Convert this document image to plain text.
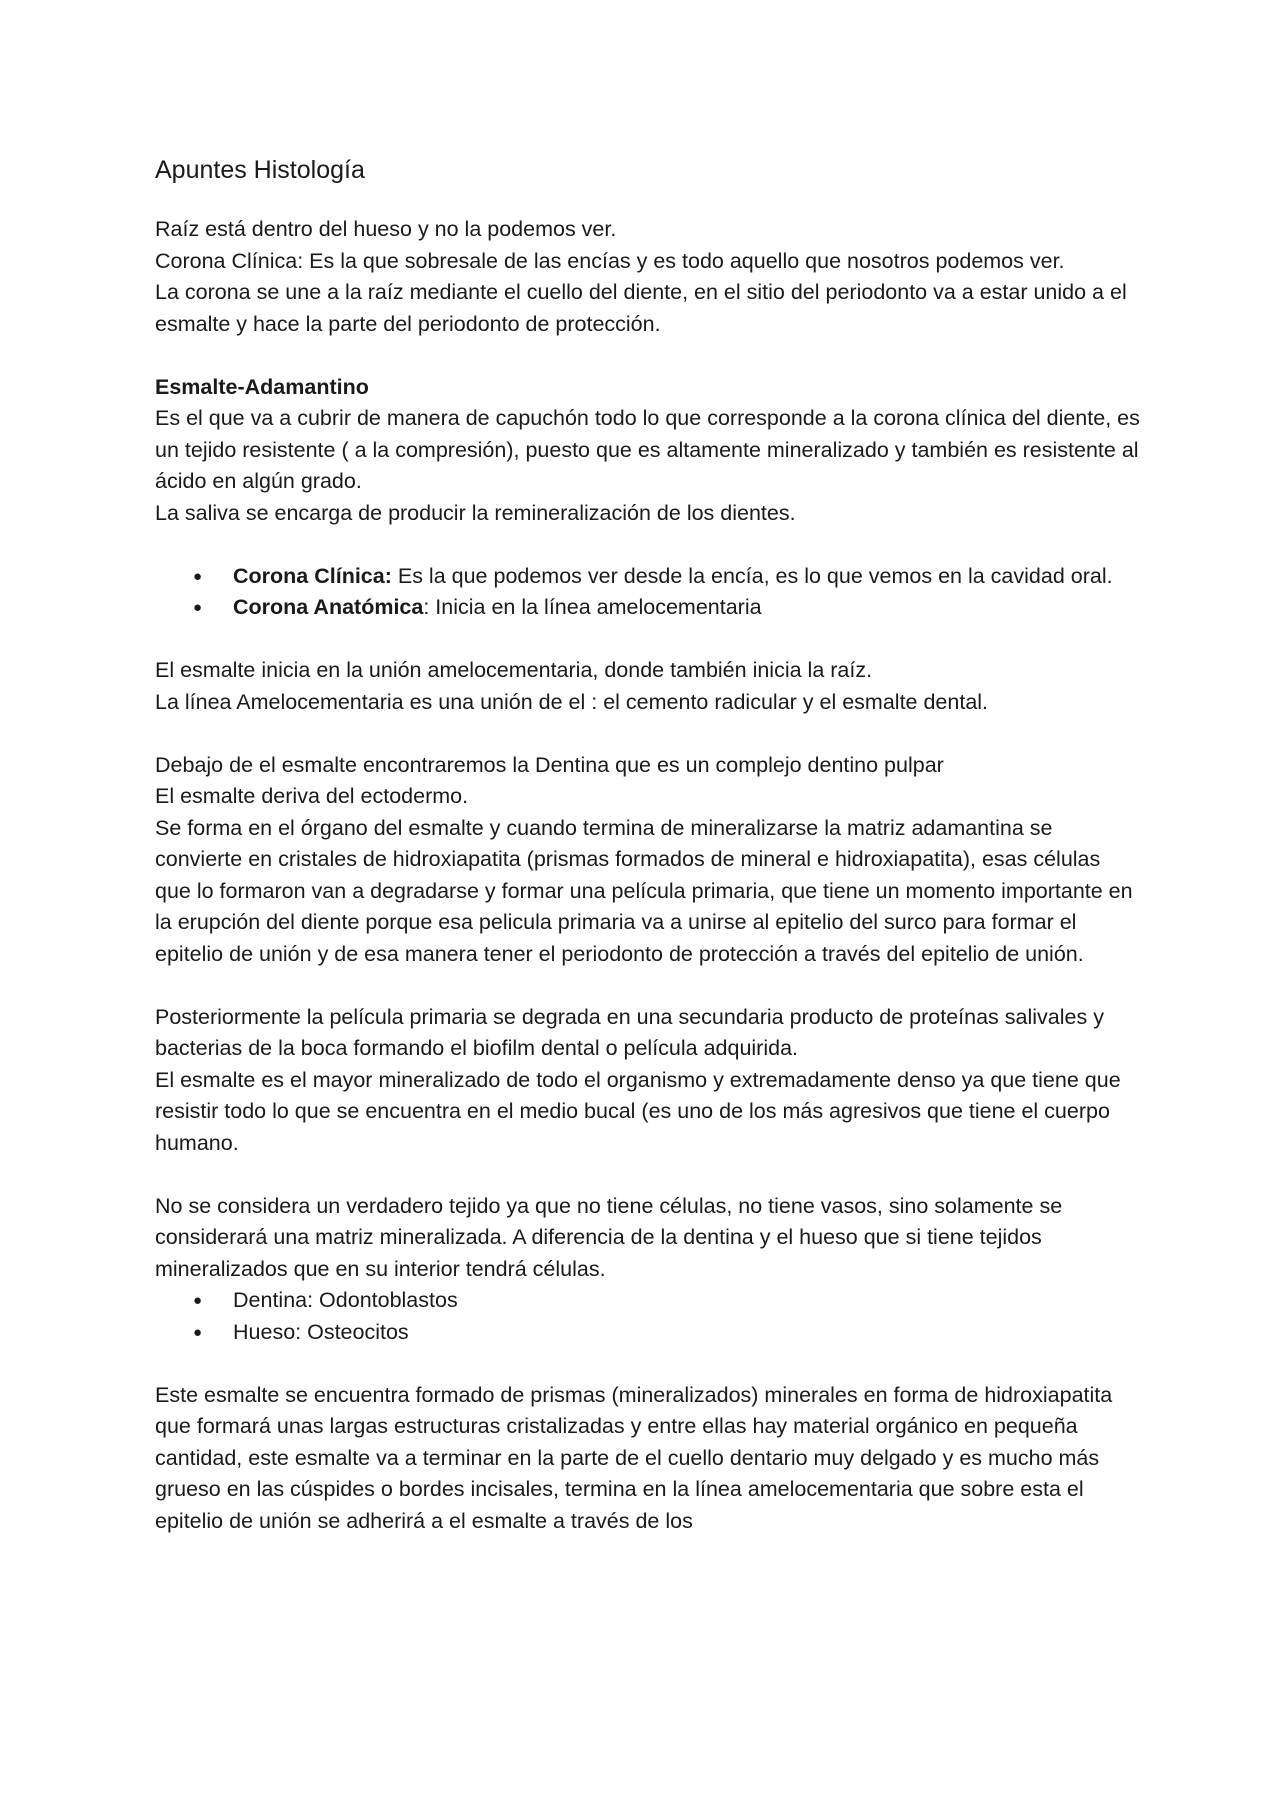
Apuntes Histología

Raíz está dentro del hueso y no la podemos ver.

Corona Clínica: Es la que sobresale de las encías y es todo aquello que nosotros podemos ver.

La corona se une a la raíz mediante el cuello del diente, en el sitio del periodonto va a estar unido a el esmalte y hace la parte del periodonto de protección.

Esmalte-Adamantino

Es el que va a cubrir de manera de capuchón todo lo que corresponde a la corona clínica del diente, es un tejido resistente ( a la compresión), puesto que es altamente mineralizado y también es resistente al ácido en algún grado.

La saliva se encarga de producir la remineralización de los dientes.

● Corona Clínica: Es la que podemos ver desde la encía, es lo que vemos en la cavidad oral.
● Corona Anatómica: Inicia en la línea amelocementaria

El esmalte inicia en la unión amelocementaria, donde también inicia la raíz.

La línea Amelocementaria es una unión de el : el cemento radicular y el esmalte dental.

Debajo de el esmalte encontraremos la Dentina que es un complejo dentino pulpar

El esmalte deriva del ectodermo.

Se forma en el órgano del esmalte y cuando termina de mineralizarse la matriz adamantina se convierte en cristales de hidroxiapatita (prismas formados de mineral e hidroxiapatita), esas células que lo formaron van a degradarse y formar una película primaria, que tiene un momento importante en la erupción del diente porque esa pelicula primaria va a unirse al epitelio del surco para formar el epitelio de unión y de esa manera tener el periodonto de protección a través del epitelio de unión.

Posteriormente la película primaria se degrada en una secundaria producto de proteínas salivales y bacterias de la boca formando el biofilm dental o película adquirida.

El esmalte es el mayor mineralizado de todo el organismo y extremadamente denso ya que tiene que resistir todo lo que se encuentra en el medio bucal (es uno de los más agresivos que tiene el cuerpo humano.

No se considera un verdadero tejido ya que no tiene células, no tiene vasos, sino solamente se considerará una matriz mineralizada. A diferencia de la dentina y el hueso que si tiene tejidos mineralizados que en su interior tendrá células.

● Dentina: Odontoblastos
● Hueso: Osteocitos

Este esmalte se encuentra formado de prismas (mineralizados) minerales en forma de hidroxiapatita que formará unas largas estructuras cristalizadas y entre ellas hay material orgánico en pequeña cantidad, este esmalte va a terminar en la parte de el cuello dentario muy delgado y es mucho más grueso en las cúspides o bordes incisales, termina en la línea amelocementaria que sobre esta el epitelio de unión se adherirá a el esmalte a través de los
